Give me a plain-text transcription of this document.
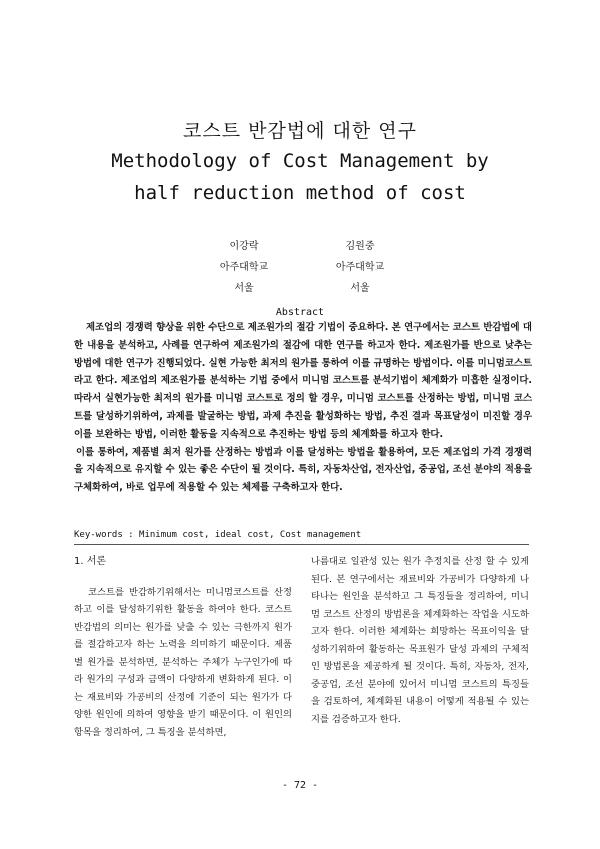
코스트 반감법에 대한 연구
Methodology of Cost Management by
half reduction method of cost
이강락
아주대학교
서울
김원중
아주대학교
서울
Abstract

제조업의 경쟁력 향상을 위한 수단으로 제조원가의 절감 기법이 중요하다. 본 연구에서는 코스트 반감법에 대한 내용을 분석하고, 사례를 연구하여 제조원가의 절감에 대한 연구를 하고자 한다. 제조원가를 반으로 낮추는 방법에 대한 연구가 진행되었다. 실현 가능한 최저의 원가를 통하여 이를 규명하는 방법이다. 이를 미니멈코스트라고 한다. 제조업의 제조원가를 분석하는 기법 중에서 미니멈 코스트를 분석기법이 체계화가 미흡한 실정이다. 따라서 실현가능한 최저의 원가를 미니멈 코스트로 정의 할 경우, 미니멈 코스트를 산정하는 방법, 미니멈 코스트를 달성하기위하여, 과제를 발굴하는 방법, 과제 추진을 활성화하는 방법, 추진 결과 목표달성이 미진할 경우 이를 보완하는 방법, 이러한 활동을 지속적으로 추진하는 방법 등의 체계화를 하고자 한다.

이를 통하여, 제품별 최저 원가를 산정하는 방법과 이를 달성하는 방법을 활용하여, 모든 제조업의 가격 경쟁력을 지속적으로 유지할 수 있는 좋은 수단이 될 것이다. 특히, 자동차산업, 전자산업, 중공업, 조선 분야의 적용을 구체화하여, 바로 업무에 적용할 수 있는 체제를 구축하고자 한다.

Key-words : Minimum cost, ideal cost, Cost management

1. 서론

코스트를 반감하기위해서는 미니멈코스트를 산정하고 이를 달성하기위한 활동을 하여야 한다. 코스트 반감법의 의미는 원가를 낮출 수 있는 극한까지 원가를 절감하고자 하는 노력을 의미하기 때문이다. 제품별 원가를 분석하면, 분석하는 주체가 누구인가에 따라 원가의 구성과 금액이 다양하게 변화하게 된다. 이는 재료비와 가공비의 산정에 기준이 되는 원가가 다양한 원인에 의하여 영향을 받기 때문이다. 이 원인의 항목을 정리하여, 그 특징을 분석하면,

나름대로 일관성 있는 원가 추정치를 산정 할 수 있게 된다. 본 연구에서는 재료비와 가공비가 다양하게 나타나는 원인을 분석하고 그 특징들을 정리하여, 미니멈 코스트 산정의 방법론을 체계화하는 작업을 시도하고자 한다. 이러한 체계화는 희망하는 목표이익을 달성하기위하여 활동하는 목표원가 달성 과제의 구체적인 방법론을 제공하게 될 것이다. 특히, 자동차, 전자, 중공업, 조선 분야에 있어서 미니멈 코스트의 특징들을 검토하여, 체계화된 내용이 어떻게 적용될 수 있는지를 검증하고자 한다.

- 72 -
